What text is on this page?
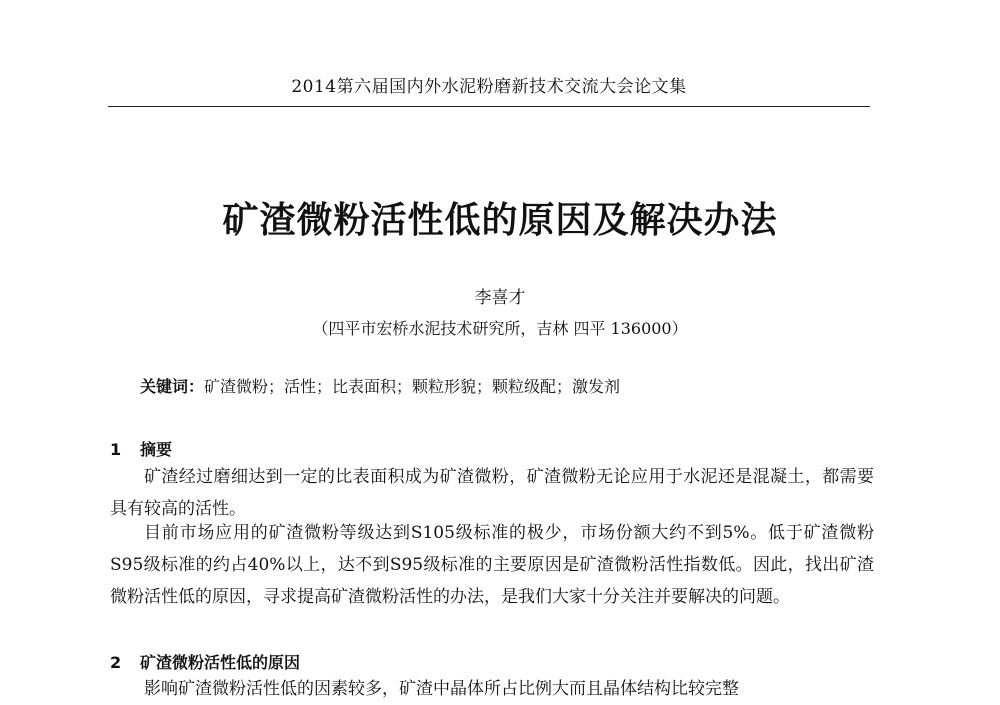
2014第六届国内外水泥粉磨新技术交流大会论文集
矿渣微粉活性低的原因及解决办法
李喜才
（四平市宏桥水泥技术研究所，吉林 四平 136000）
关键词：矿渣微粉；活性；比表面积；颗粒形貌；颗粒级配；激发剂
1 摘要

矿渣经过磨细达到一定的比表面积成为矿渣微粉，矿渣微粉无论应用于水泥还是混凝土，都需要具有较高的活性。

目前市场应用的矿渣微粉等级达到S105级标准的极少，市场份额大约不到5%。低于矿渣微粉S95级标准的约占40%以上，达不到S95级标准的主要原因是矿渣微粉活性指数低。因此，找出矿渣微粉活性低的原因，寻求提高矿渣微粉活性的办法，是我们大家十分关注并要解决的问题。

2 矿渣微粉活性低的原因

影响矿渣微粉活性低的因素较多，矿渣中晶体所占比例大而且晶体结构比较完整
